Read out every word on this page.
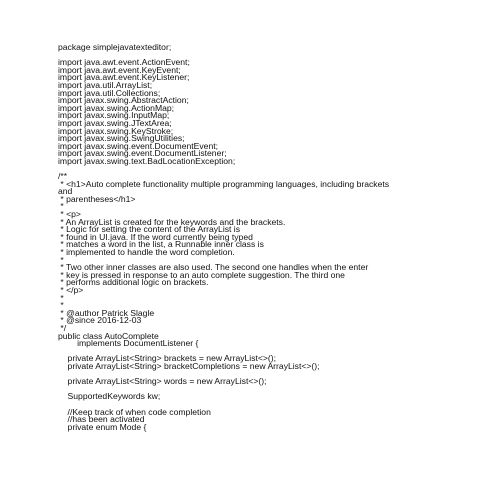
package simplejavatexteditor;
import java.awt.event.ActionEvent;
import java.awt.event.KeyEvent;
import java.awt.event.KeyListener;
import java.util.ArrayList;
import java.util.Collections;
import javax.swing.AbstractAction;
import javax.swing.ActionMap;
import javax.swing.InputMap;
import javax.swing.JTextArea;
import javax.swing.KeyStroke;
import javax.swing.SwingUtilities;
import javax.swing.event.DocumentEvent;
import javax.swing.event.DocumentListener;
import javax.swing.text.BadLocationException;
/**
* <h1>Auto complete functionality multiple programming languages, including brackets
and
* parentheses</h1>
*
* <p>
* An ArrayList is created for the keywords and the brackets.
* Logic for setting the content of the ArrayList is
* found in UI.java. If the word currently being typed
* matches a word in the list, a Runnable inner class is
* implemented to handle the word completion.
*
* Two other inner classes are also used. The second one handles when the enter
* key is pressed in response to an auto complete suggestion. The third one
* performs additional logic on brackets.
* </p>
*
*
* @author Patrick Slagle
* @since 2016-12-03
*/
public class AutoComplete
implements DocumentListener {
private ArrayList<String> brackets = new ArrayList<>();
private ArrayList<String> bracketCompletions = new ArrayList<>();
private ArrayList<String> words = new ArrayList<>();
SupportedKeywords kw;
//Keep track of when code completion
//has been activated
private enum Mode {
